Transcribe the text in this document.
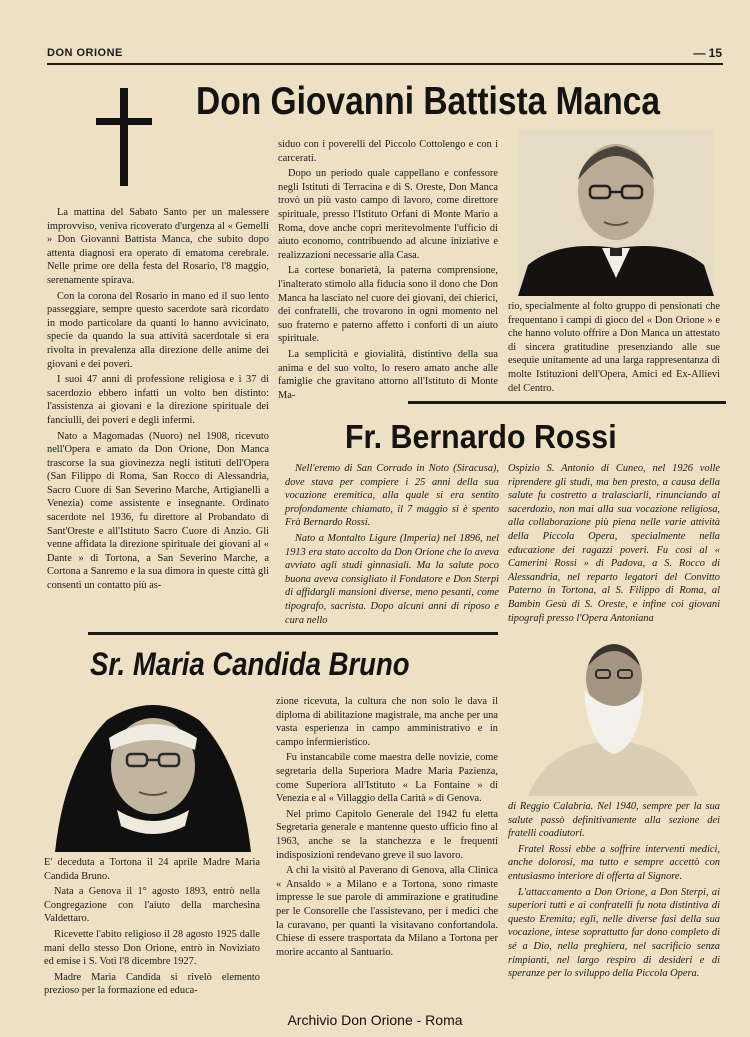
DON ORIONE	— 15
Don Giovanni Battista Manca

La mattina del Sabato Santo per un malessere improvviso, veniva ricoverato d'urgenza al « Gemelli » Don Giovanni Battista Manca, che subito dopo attenta diagnosi era operato di ematoma cerebrale. Nelle prime ore della festa del Rosario, l'8 maggio, serenamente spirava.

Con la corona del Rosario in mano ed il suo lento passeggiare, sempre questo sacerdote sarà ricordato in modo particolare da quanti lo hanno avvicinato, specie da quando la sua attività sacerdotale si era rivolta in prevalenza alla direzione delle anime dei giovani e dei poveri.

I suoi 47 anni di professione religiosa e i 37 di sacerdozio ebbero infatti un volto ben distinto: l'assistenza ai giovani e la direzione spirituale dei fanciulli, dei poveri e degli infermi.

Nato a Magomadas (Nuoro) nel 1908, ricevuto nell'Opera e amato da Don Orione, Don Manca trascorse la sua giovinezza negli istituti dell'Opera (San Filippo di Roma, San Rocco di Alessandria, Sacro Cuore di San Severino Marche, Artigianelli a Venezia) come assistente e insegnante. Ordinato sacerdote nel 1936, fu direttore al Probandato di Sant'Oreste e all'Istituto Sacro Cuore di Anzio. Gli venne affidata la direzione spirituale dei giovani al « Dante » di Tortona, a San Severino Marche, a Cortona a Sanremo e la sua dimora in queste città gli consentì un contatto più as-

siduo con i poverelli del Piccolo Cottolengo e con i carcerati.

Dopo un periodo quale cappellano e confessore negli Istituti di Terracina e di S. Oreste, Don Manca trovò un più vasto campo di lavoro, come direttore spirituale, presso l'Istituto Orfani di Monte Mario a Roma, dove anche coprì meritevolmente l'ufficio di aiuto economo, contribuendo ad alcune iniziative e realizzazioni necessarie alla Casa.

La cortese bonarietà, la paterna comprensione, l'inalterato stimolo alla fiducia sono il dono che Don Manca ha lasciato nel cuore dei giovani, dei chierici, dei confratelli, che trovarono in ogni momento nel suo fraterno e paterno affetto i conforti di un aiuto spirituale.

La semplicità e giovialità, distintivo della sua anima e del suo volto, lo resero amato anche alle famiglie che gravitano attorno all'Istituto di Monte Ma-

rio, specialmente al folto gruppo di pensionati che frequentano i campi di gioco del « Don Orione » e che hanno voluto offrire a Don Manca un attestato di sincera gratitudine presenziando alle sue esequie unitamente ad una larga rappresentanza di molte Istituzioni dell'Opera, Amici ed Ex-Allievi del Centro.

Fr. Bernardo Rossi

Nell'eremo di San Corrado in Noto (Siracusa), dove stava per compiere i 25 anni della sua vocazione eremitica, alla quale si era sentito profondamente chiamato, il 7 maggio si è spento Frà Bernardo Rossi.

Nato a Montalto Ligure (Imperia) nel 1896, nel 1913 era stato accolto da Don Orione che lo aveva avviato agli studi ginnasiali. Ma la salute poco buona aveva consigliato il Fondatore e Don Sterpi di affidargli mansioni diverse, meno pesanti, come tipografo, sacrista. Dopo alcuni anni di riposo e cura nello

Ospizio S. Antonio di Cuneo, nel 1926 volle riprendere gli studi, ma ben presto, a causa della salute fu costretto a tralasciarli, rinunciando al sacerdozio, non mai alla sua vocazione religiosa, alla collaborazione più piena nelle varie attività della Piccola Opera, specialmente nella educazione dei ragazzi poveri. Fu così al « Camerini Rossi » di Padova, a S. Rocco di Alessandria, nel reparto legatori del Convitto Paterno in Tortona, al S. Filippo di Roma, al Bambin Gesù di S. Oreste, e infine coi giovani tipografi presso l'Opera Antoniana

Sr. Maria Candida Bruno

E' deceduta a Tortona il 24 aprile Madre Maria Candida Bruno.

Nata a Genova il 1° agosto 1893, entrò nella Congregazione con l'aiuto della marchesina Valdettaro.

Ricevette l'abito religioso il 28 agosto 1925 dalle mani dello stesso Don Orione, entrò in Noviziato ed emise i S. Voti l'8 dicembre 1927.

Madre Maria Candida si rivelò elemento prezioso per la formazione ed educa-

zione ricevuta, la cultura che non solo le dava il diploma di abilitazione magistrale, ma anche per una vasta esperienza in campo amministrativo e in campo infermieristico.

Fu instancabile come maestra delle novizie, come segretaria della Superiora Madre Maria Pazienza, come Superiora all'Istituto « La Fontaine » di Venezia e al « Villaggio della Carità » di Genova.

Nel primo Capitolo Generale del 1942 fu eletta Segretaria generale e mantenne questo ufficio fino al 1963, anche se la stanchezza e le frequenti indisposizioni rendevano greve il suo lavoro.

A chi la visitò al Paverano di Genova, alla Clinica « Ansaldo » a Milano e a Tortona, sono rimaste impresse le sue parole di ammirazione e gratitudine per le Consorelle che l'assistevano, per i medici che la curavano, per quanti la visitavano confortandola. Chiese di essere trasportata da Milano a Tortona per morire accanto al Santuario.

di Reggio Calabria. Nel 1940, sempre per la sua salute passò definitivamente alla sezione dei fratelli coadiutori.

Fratel Rossi ebbe a soffrire interventi medici, anche dolorosi, ma tutto e sempre accettò con entusiasmo interiore di offerta al Signore.

L'attaccamento a Don Orione, a Don Sterpi, ai superiori tutti e ai confratelli fu nota distintiva di questo Eremita; egli, nelle diverse fasi della sua vocazione, intese soprattutto far dono completo di sé a Dio, nella preghiera, nel sacrificio senza rimpianti, nel largo respiro di desideri e di speranze per lo sviluppo della Piccola Opera.

Archivio Don Orione - Roma
